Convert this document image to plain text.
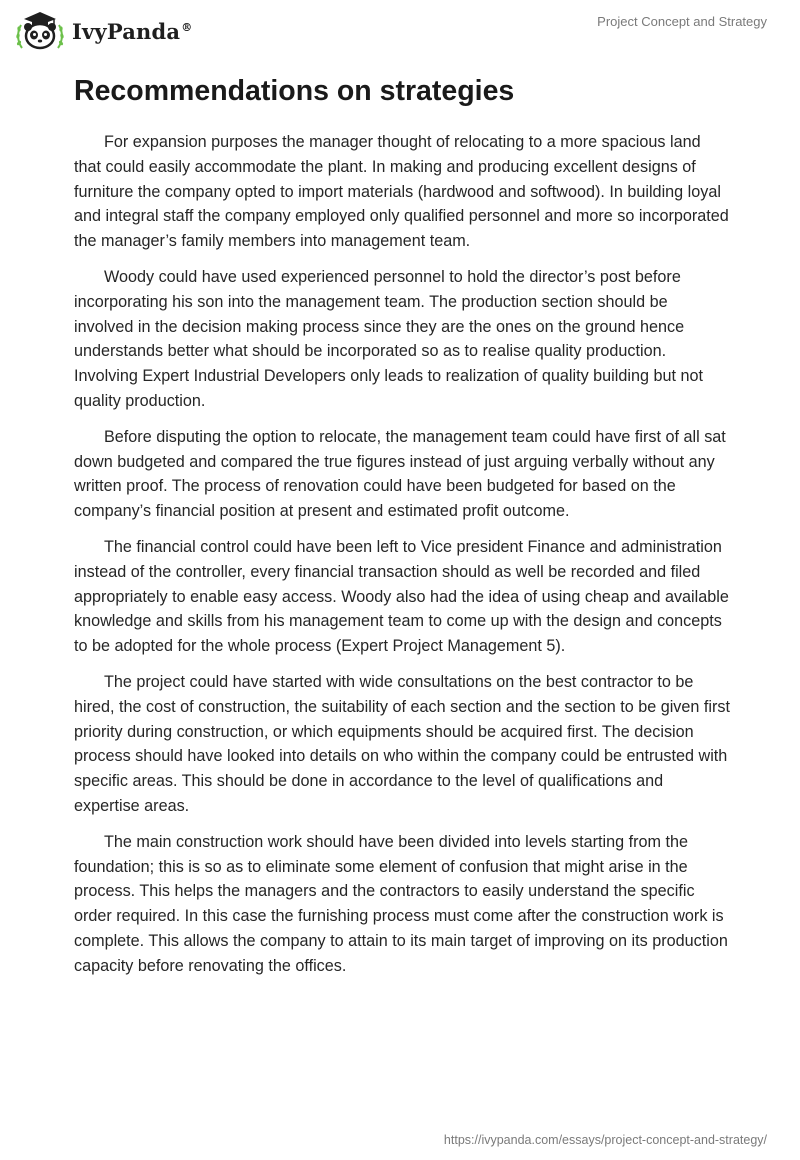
IvyPanda®	Project Concept and Strategy
Recommendations on strategies

For expansion purposes the manager thought of relocating to a more spacious land that could easily accommodate the plant. In making and producing excellent designs of furniture the company opted to import materials (hardwood and softwood). In building loyal and integral staff the company employed only qualified personnel and more so incorporated the manager’s family members into management team.

Woody could have used experienced personnel to hold the director’s post before incorporating his son into the management team. The production section should be involved in the decision making process since they are the ones on the ground hence understands better what should be incorporated so as to realise quality production. Involving Expert Industrial Developers only leads to realization of quality building but not quality production.

Before disputing the option to relocate, the management team could have first of all sat down budgeted and compared the true figures instead of just arguing verbally without any written proof. The process of renovation could have been budgeted for based on the company’s financial position at present and estimated profit outcome.

The financial control could have been left to Vice president Finance and administration instead of the controller, every financial transaction should as well be recorded and filed appropriately to enable easy access. Woody also had the idea of using cheap and available knowledge and skills from his management team to come up with the design and concepts to be adopted for the whole process (Expert Project Management 5).

The project could have started with wide consultations on the best contractor to be hired, the cost of construction, the suitability of each section and the section to be given first priority during construction, or which equipments should be acquired first. The decision process should have looked into details on who within the company could be entrusted with specific areas. This should be done in accordance to the level of qualifications and expertise areas.

The main construction work should have been divided into levels starting from the foundation; this is so as to eliminate some element of confusion that might arise in the process. This helps the managers and the contractors to easily understand the specific order required. In this case the furnishing process must come after the construction work is complete. This allows the company to attain to its main target of improving on its production capacity before renovating the offices.

https://ivypanda.com/essays/project-concept-and-strategy/
